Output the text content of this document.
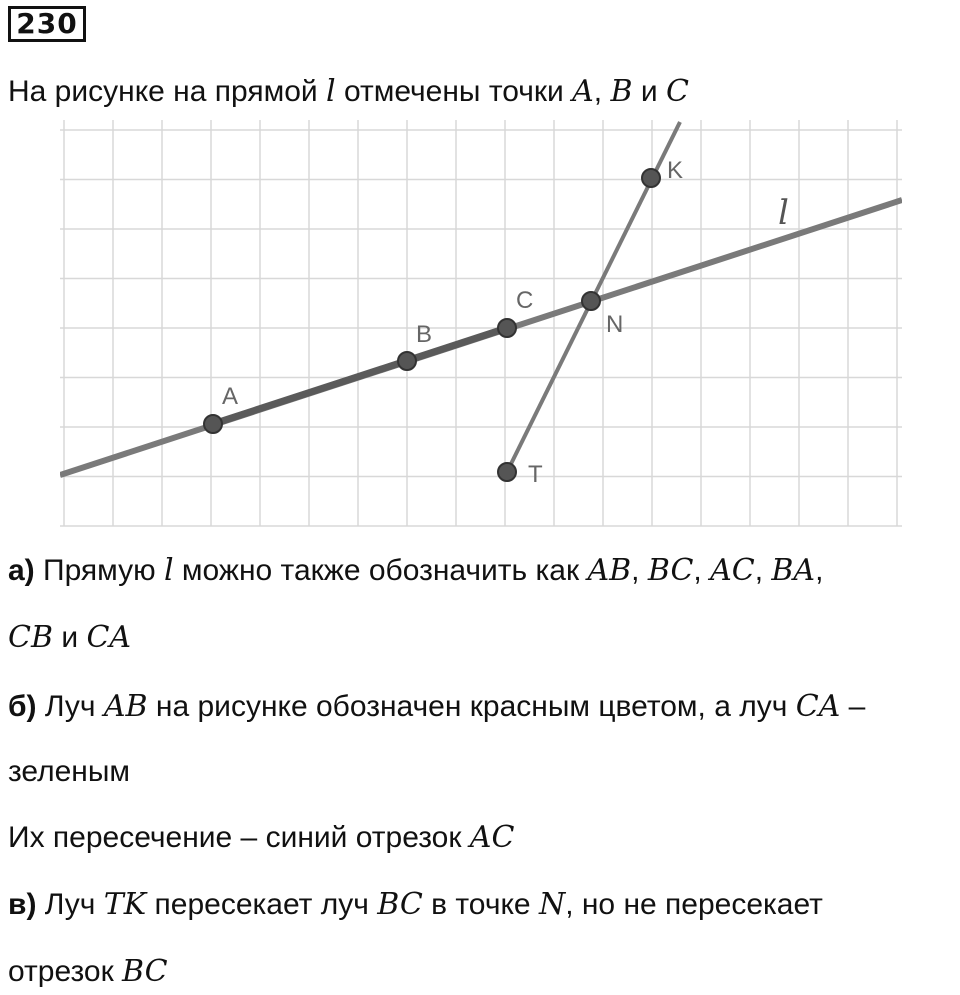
230
На рисунке на прямой l отмечены точки A, B и C
A
B
C
N
K
T
l
а) Прямую l можно также обозначить как AB, BC, AC, BA,
CB и CA
б) Луч AB на рисунке обозначен красным цветом, а луч CA –
зеленым
Их пересечение – синий отрезок AC
в) Луч TK пересекает луч BC в точке N, но не пересекает
отрезок BC
